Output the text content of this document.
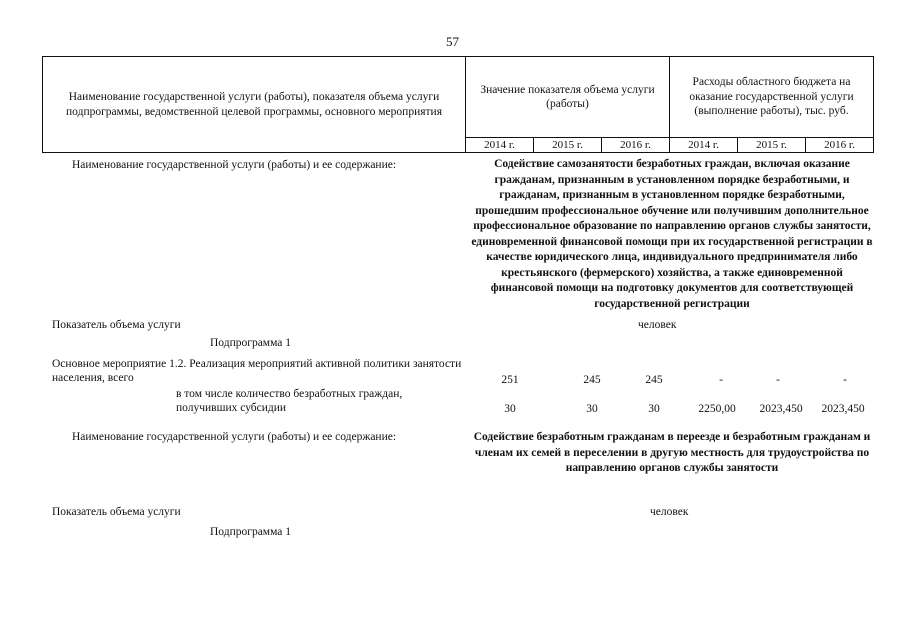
57
Наименование государственной услуги (работы), показателя объема услуги подпрограммы, ведомственной целевой программы, основного мероприятия	Значение показателя объема услуги (работы)			Расходы областного бюджета на оказание государственной услуги (выполнение работы), тыс. руб.		
	2014 г.	2015 г.	2016 г.	2014 г.	2015 г.	2016 г.
Наименование государственной услуги (работы) и ее содержание:	Содействие самозанятости безработных граждан, включая оказание гражданам, признанным в установленном порядке безработными, и гражданам, признанным в установленном порядке безработными, прошедшим профессиональное обучение или получившим дополнительное профессиональное образование по направлению органов службы занятости, единовременной финансовой помощи при их государственной регистрации в качестве юридического лица, индивидуального предпринимателя либо крестьянского (фермерского) хозяйства, а также единовременной финансовой помощи на подготовку документов для соответствующей государственной регистрации
Показатель объема услуги	человек
Подпрограмма 1
Основное мероприятие 1.2. Реализация мероприятий активной политики занятости населения, всего	251	245	245	-	-	-
в том числе количество безработных граждан, получивших субсидии	30	30	30	2250,00	2023,450	2023,450
Наименование государственной услуги (работы) и ее содержание:	Содействие безработным гражданам в переезде и безработным гражданам и членам их семей в переселении в другую местность для трудоустройства по направлению органов службы занятости
Показатель объема услуги	человек
Подпрограмма 1
